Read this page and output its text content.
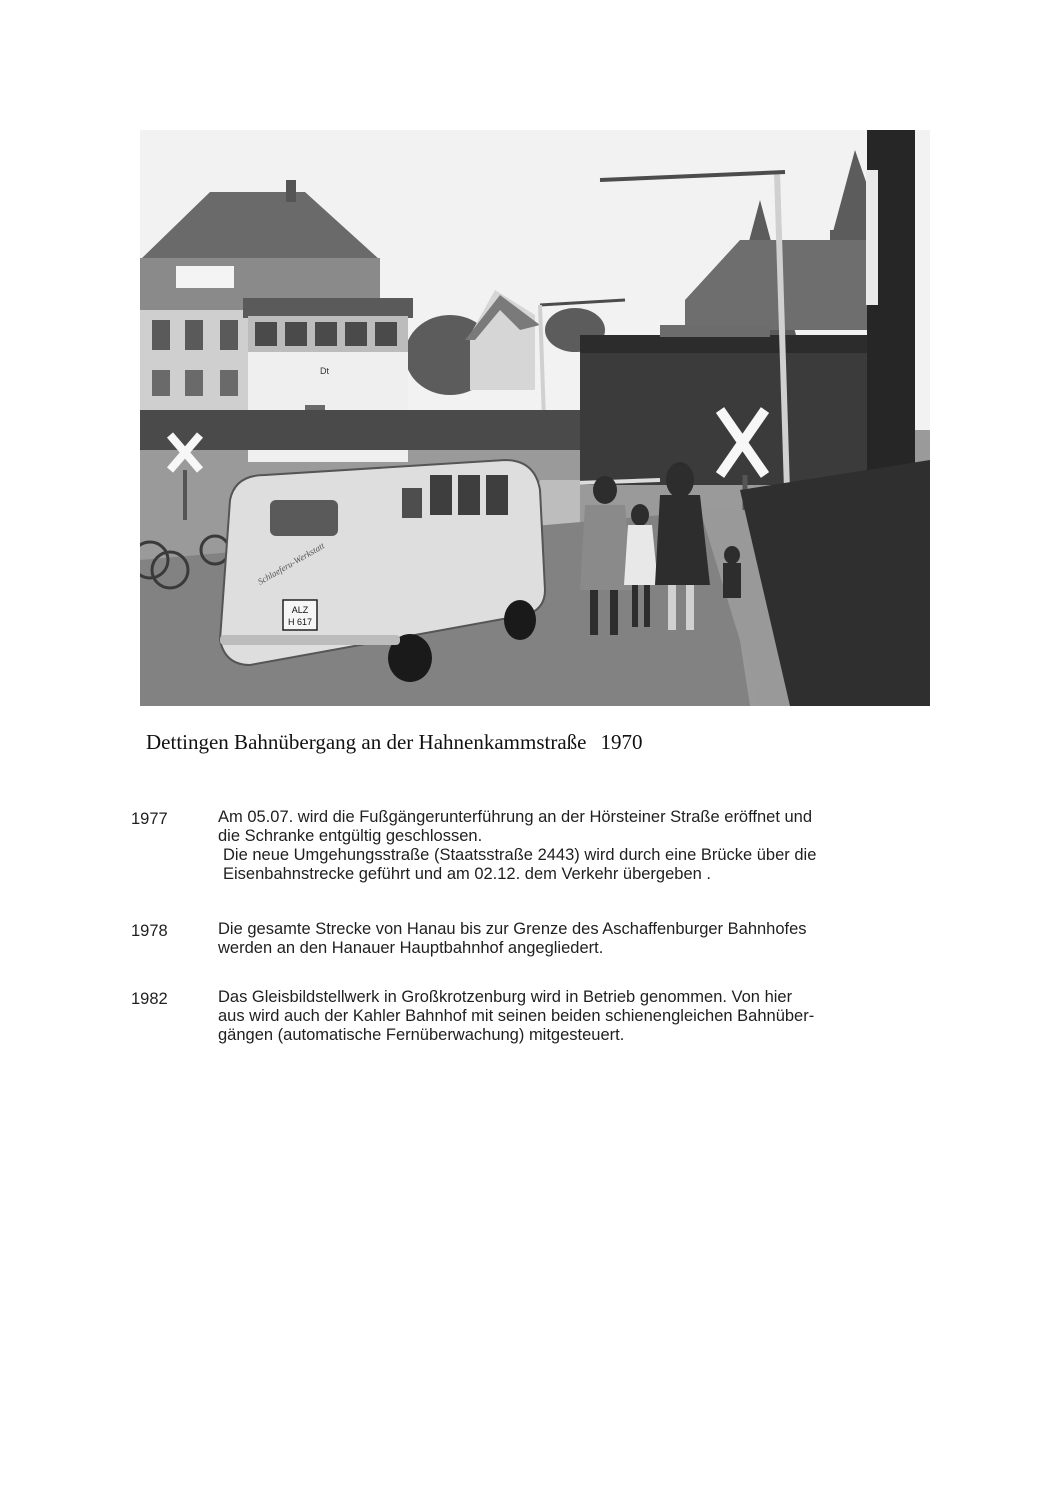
Dt
ALZ
H 617
Schlaeferu-Werkstatt
Dettingen Bahnübergang an der Hahnenkammstraße 1970
1977	Am 05.07. wird die Fußgängerunterführung an der Hörsteiner Straße eröffnet und
die Schranke entgültig geschlossen.
Die neue Umgehungsstraße (Staatsstraße 2443) wird durch eine Brücke über die
Eisenbahnstrecke geführt und am 02.12. dem Verkehr übergeben .
1978	Die gesamte Strecke von Hanau bis zur Grenze des Aschaffenburger Bahnhofes
werden an den Hanauer Hauptbahnhof angegliedert.
1982	Das Gleisbildstellwerk in Großkrotzenburg wird in Betrieb genommen. Von hier
aus wird auch der Kahler Bahnhof mit seinen beiden schienengleichen Bahnüber-
gängen (automatische Fernüberwachung) mitgesteuert.
